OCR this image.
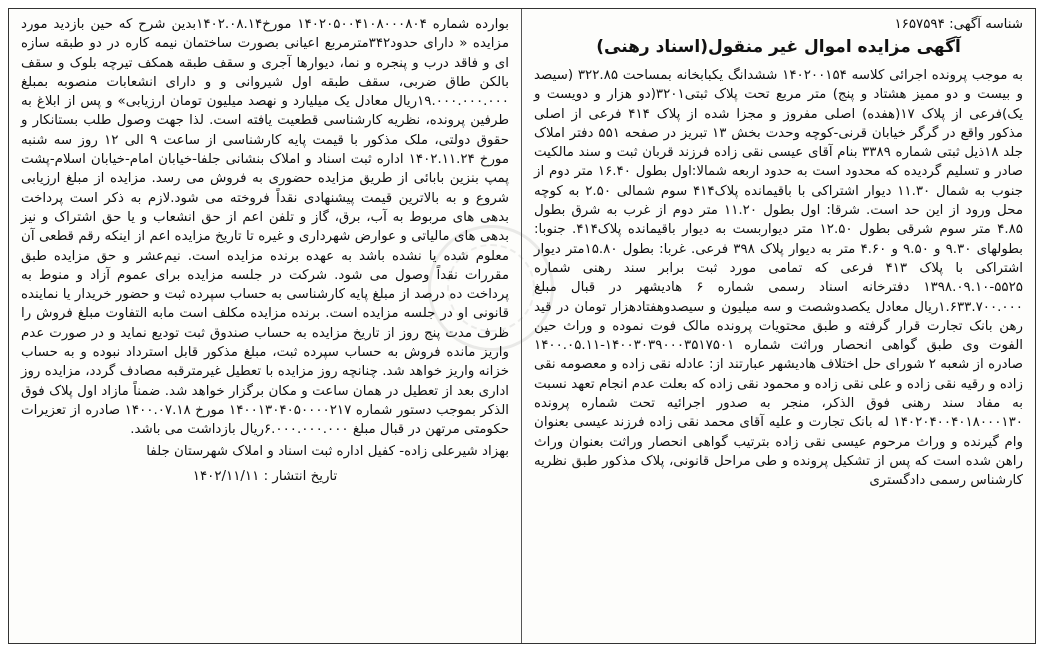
شناسه آگهی: ۱۶۵۷۵۹۴
آگهی مزایده اموال غیر منقول(اسناد رهنی)

به موجب پرونده اجرائی کلاسه ۱۴۰۲۰۰۱۵۴ ششدانگ یکبابخانه بمساحت ۳۲۲.۸۵ (سیصد و بیست و دو ممیز هشتاد و پنج) متر مربع تحت پلاک ثبتی۳۲۰۱(دو هزار و دویست و یک)فرعی از پلاک ۱۷(هفده) اصلی مفروز و مجزا شده از پلاک ۴۱۴ فرعی از اصلی مذکور واقع در گرگر خیابان قرنی-کوچه وحدت بخش ۱۳ تبریز در صفحه ۵۵۱ دفتر املاک جلد ۱۸ذیل ثبتی شماره ۳۳۸۹ بنام آقای عیسی نقی زاده فرزند قربان ثبت و سند مالکیت صادر و تسلیم گردیده که محدود است به حدود اربعه شمالا:اول بطول ۱۶.۴۰ متر دوم از جنوب به شمال ۱۱.۳۰ دیوار اشتراکی با باقیمانده پلاک۴۱۴ سوم شمالی ۲.۵۰ به کوچه محل ورود از این حد است. شرقا: اول بطول ۱۱.۲۰ متر دوم از غرب به شرق بطول ۴.۸۵ متر سوم شرقی بطول ۱۲.۵۰ متر دیواربست به دیوار باقیمانده پلاک۴۱۴. جنوبا: بطولهای ۹.۳۰ و ۹.۵۰ و ۴.۶۰ متر به دیوار پلاک ۳۹۸ فرعی. غربا: بطول ۱۵.۸۰متر دیوار اشتراکی با پلاک ۴۱۳ فرعی که تمامی مورد ثبت برابر سند رهنی شماره ۵۵۲۵-۱۳۹۸.۰۹.۱۰ دفترخانه اسناد رسمی شماره ۶ هادیشهر در قبال مبلغ ۱.۶۳۳.۷۰۰.۰۰۰ریال معادل یکصدوشصت و سه میلیون و سیصدوهفتادهزار تومان در قید رهن بانک تجارت قرار گرفته و طبق محتویات پرونده مالک فوت نموده و وراث حین الفوت وی طبق گواهی انحصار وراثت شماره ۱۴۰۰۳۰۳۹۰۰۰۳۵۱۷۵۰۱-۱۴۰۰.۰۵.۱۱ صادره از شعبه ۲ شورای حل اختلاف هادیشهر عبارتند از: عادله نقی زاده و معصومه نقی زاده و رقیه نقی زاده و علی نقی زاده و محمود نقی زاده که بعلت عدم انجام تعهد نسبت به مفاد سند رهنی فوق الذکر، منجر به صدور اجرائیه تحت شماره پرونده ۱۴۰۲۰۴۰۰۴۰۱۸۰۰۰۱۳۰ له بانک تجارت و علیه آقای محمد نقی زاده فرزند عیسی بعنوان وام گیرنده و وراث مرحوم عیسی نقی زاده بترتیب گواهی انحصار وراثت بعنوان وراث راهن شده است که پس از تشکیل پرونده و طی مراحل قانونی، پلاک مذکور طبق نظریه کارشناس رسمی دادگستری

بوارده شماره ۱۴۰۲۰۵۰۰۴۱۰۸۰۰۰۸۰۴ مورخ۱۴۰۲.۰۸.۱۴بدین شرح که حین بازدید مورد مزایده « دارای حدود۳۴۲مترمربع اعیانی بصورت ساختمان نیمه کاره در دو طبقه سازه ای و فاقد درب و پنجره و نما، دیوارها آجری و سقف طبقه همکف تیرچه بلوک و سقف بالکن طاق ضربی، سقف طبقه اول شیروانی و و دارای انشعابات منصوبه بمبلغ ۱۹.۰۰۰.۰۰۰.۰۰۰ریال معادل یک میلیارد و نهصد میلیون تومان ارزیابی» و پس از ابلاغ به طرفین پرونده، نظریه کارشناسی قطعیت یافته است. لذا جهت وصول طلب بستانکار و حقوق دولتی، ملک مذکور با قیمت پایه کارشناسی از ساعت ۹ الی ۱۲ روز سه شنبه مورخ ۱۴۰۲.۱۱.۲۴ اداره ثبت اسناد و املاک بنشانی جلفا-خیابان امام-خیابان اسلام-پشت پمپ بنزین بابائی از طریق مزایده حضوری به فروش می رسد. مزایده از مبلغ ارزیابی شروع و به بالاترین قیمت پیشنهادی نقداً فروخته می شود.لازم به ذکر است پرداخت بدهی های مربوط به آب، برق، گاز و تلفن اعم از حق انشعاب و یا حق اشتراک و نیز بدهی های مالیاتی و عوارض شهرداری و غیره تا تاریخ مزایده اعم از اینکه رقم قطعی آن معلوم شده یا نشده باشد به عهده برنده مزایده است. نیم‌عشر و حق مزایده طبق مقررات نقداً وصول می شود. شرکت در جلسه مزایده برای عموم آزاد و منوط به پرداخت ده درصد از مبلغ پایه کارشناسی به حساب سپرده ثبت و حضور خریدار یا نماینده قانونی او در جلسه مزایده است. برنده مزایده مکلف است مابه التفاوت مبلغ فروش را ظرف مدت پنج روز از تاریخ مزایده به حساب صندوق ثبت تودیع نماید و در صورت عدم واریز مانده فروش به حساب سپرده ثبت، مبلغ مذکور قابل استرداد نبوده و به حساب خزانه واریز خواهد شد. چنانچه روز مزایده با تعطیل غیرمترقبه مصادف گردد، مزایده روز اداری بعد از تعطیل در همان ساعت و مکان برگزار خواهد شد. ضمناً مازاد اول پلاک فوق الذکر بموجب دستور شماره ۱۴۰۰۱۳۰۴۰۵۰۰۰۰۲۱۷ مورخ ۱۴۰۰.۰۷.۱۸ صادره از تعزیرات حکومتی مرتهن در قبال مبلغ ۶.۰۰۰.۰۰۰.۰۰۰ریال بازداشت می باشد.

بهزاد شیرعلی زاده- کفیل اداره ثبت اسناد و املاک شهرستان جلفا

تاریخ انتشار : ۱۴۰۲/۱۱/۱۱
